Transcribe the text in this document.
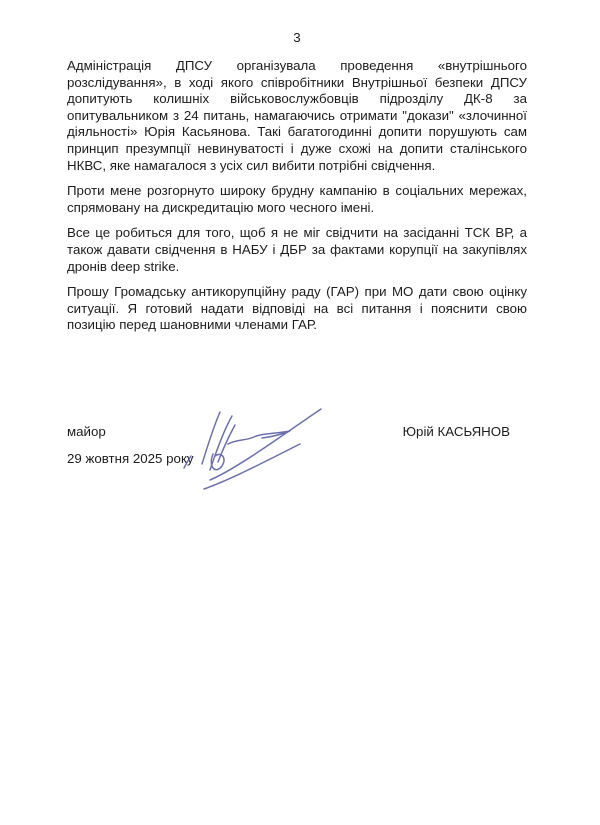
3

Адміністрація ДПСУ організувала проведення «внутрішнього розслідування», в ході якого співробітники Внутрішньої безпеки ДПСУ допитують колишніх військовослужбовців підрозділу ДК-8 за опитувальником з 24 питань, намагаючись отримати "докази" «злочинної діяльності» Юрія Касьянова. Такі багатогодинні допити порушують сам принцип презумпції невинуватості і дуже схожі на допити сталінського НКВС, яке намагалося з усіх сил вибити потрібні свідчення.

Проти мене розгорнуто широку брудну кампанію в соціальних мережах, спрямовану на дискредитацію мого чесного імені.

Все це робиться для того, щоб я не міг свідчити на засіданні ТСК ВР, а також давати свідчення в НАБУ і ДБР за фактами корупції на закупівлях дронів deep strike.

Прошу Громадську антикорупційну раду (ГАР) при МО дати свою оцінку ситуації. Я готовий надати відповіді на всі питання і пояснити свою позицію перед шановними членами ГАР.

майор	Юрій КАСЬЯНОВ
29 жовтня 2025 року
